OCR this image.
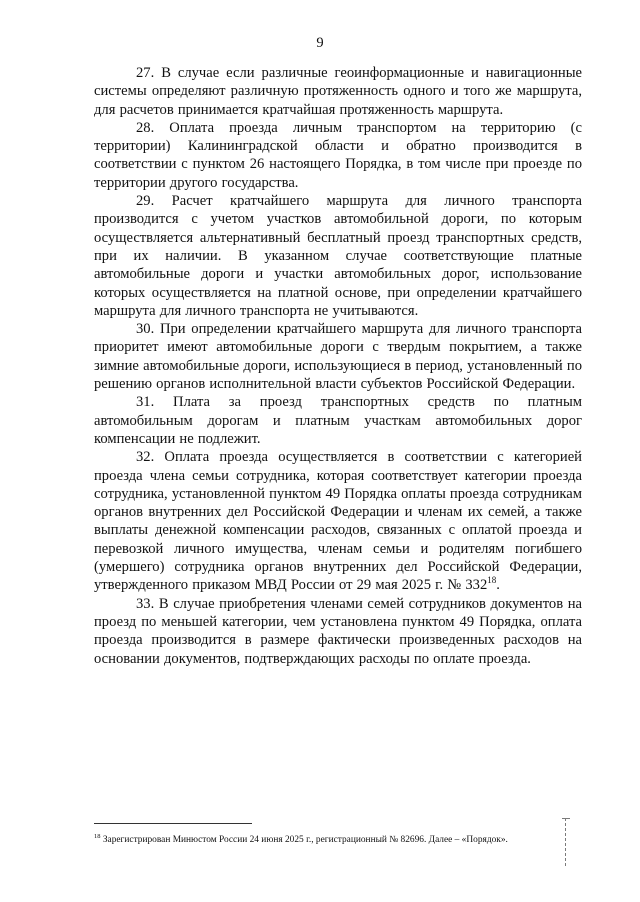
9

27. В случае если различные геоинформационные и навигационные системы определяют различную протяженность одного и того же маршрута, для расчетов принимается кратчайшая протяженность маршрута.

28. Оплата проезда личным транспортом на территорию (с территории) Калининградской области и обратно производится в соответствии с пунктом 26 настоящего Порядка, в том числе при проезде по территории другого государства.

29. Расчет кратчайшего маршрута для личного транспорта производится с учетом участков автомобильной дороги, по которым осуществляется альтернативный бесплатный проезд транспортных средств, при их наличии. В указанном случае соответствующие платные автомобильные дороги и участки автомобильных дорог, использование которых осуществляется на платной основе, при определении кратчайшего маршрута для личного транспорта не учитываются.

30. При определении кратчайшего маршрута для личного транспорта приоритет имеют автомобильные дороги с твердым покрытием, а также зимние автомобильные дороги, использующиеся в период, установленный по решению органов исполнительной власти субъектов Российской Федерации.

31. Плата за проезд транспортных средств по платным автомобильным дорогам и платным участкам автомобильных дорог компенсации не подлежит.

32. Оплата проезда осуществляется в соответствии с категорией проезда члена семьи сотрудника, которая соответствует категории проезда сотрудника, установленной пунктом 49 Порядка оплаты проезда сотрудникам органов внутренних дел Российской Федерации и членам их семей, а также выплаты денежной компенсации расходов, связанных с оплатой проезда и перевозкой личного имущества, членам семьи и родителям погибшего (умершего) сотрудника органов внутренних дел Российской Федерации, утвержденного приказом МВД России от 29 мая 2025 г. № $332^{18}$.

33. В случае приобретения членами семей сотрудников документов на проезд по меньшей категории, чем установлена пунктом 49 Порядка, оплата проезда производится в размере фактически произведенных расходов на основании документов, подтверждающих расходы по оплате проезда.

$^{18}$ Зарегистрирован Минюстом России 24 июня 2025 г., регистрационный № 82696. Далее – «Порядок».
